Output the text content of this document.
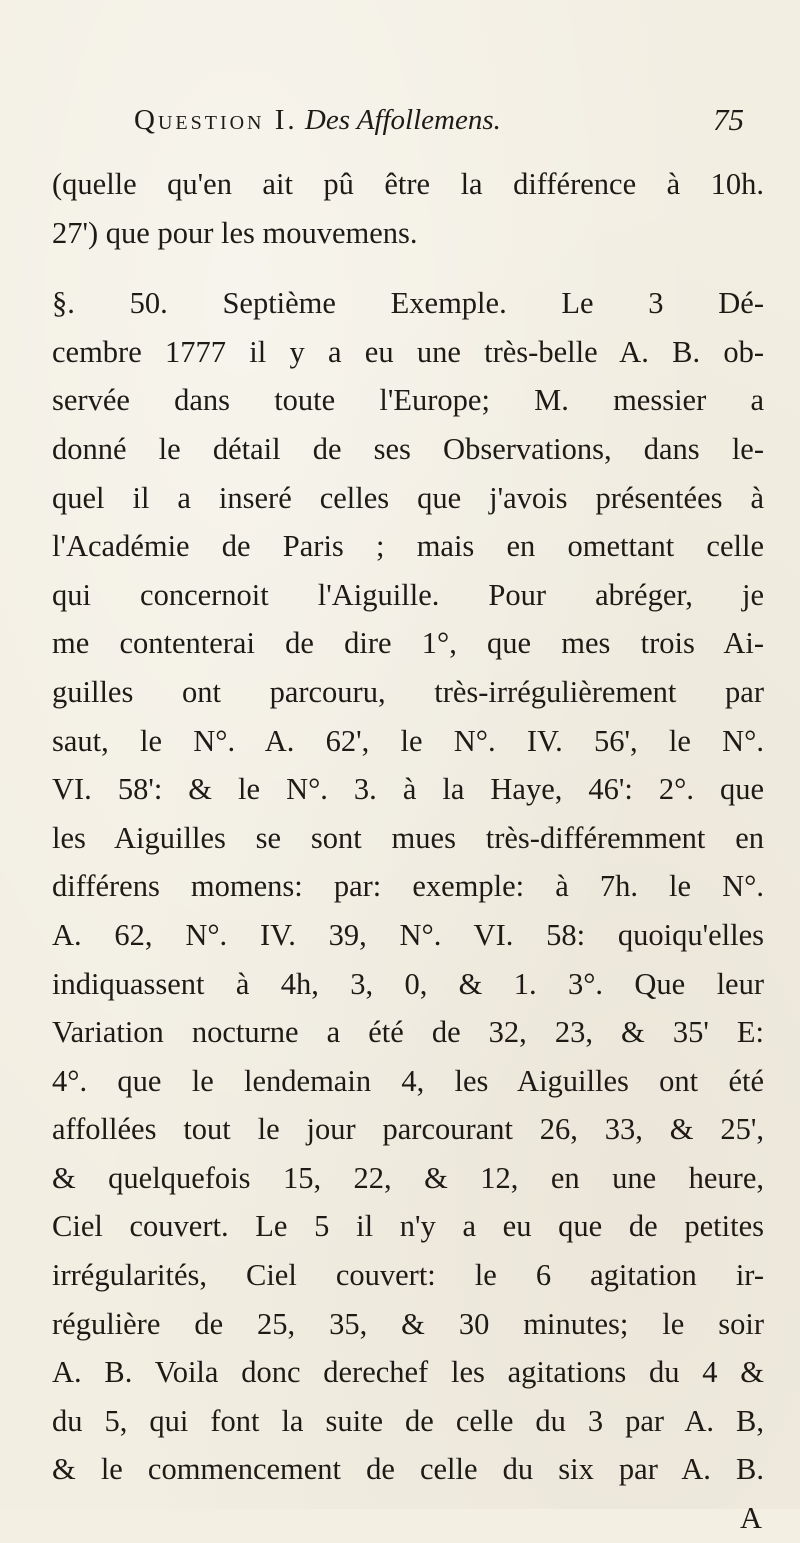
Question I. Des Affollemens.	75
(quelle qu'en ait pû être la différence à 10h.
27') que pour les mouvemens.
§. 50. Septième Exemple. Le 3 Dé-
cembre 1777 il y a eu une très-belle A. B. ob-
servée dans toute l'Europe; M. messier a
donné le détail de ses Observations, dans le-
quel il a inseré celles que j'avois présentées à
l'Académie de Paris ; mais en omettant celle
qui concernoit l'Aiguille. Pour abréger, je
me contenterai de dire 1°, que mes trois Ai-
guilles ont parcouru, très-irrégulièrement par
saut, le N°. A. 62', le N°. IV. 56', le N°.
VI. 58': & le N°. 3. à la Haye, 46': 2°. que
les Aiguilles se sont mues très-différemment en
différens momens: par: exemple: à 7h. le N°.
A. 62, N°. IV. 39, N°. VI. 58: quoiqu'elles
indiquassent à 4h, 3, 0, & 1. 3°. Que leur
Variation nocturne a été de 32, 23, & 35' E:
4°. que le lendemain 4, les Aiguilles ont été
affollées tout le jour parcourant 26, 33, & 25',
& quelquefois 15, 22, & 12, en une heure,
Ciel couvert. Le 5 il n'y a eu que de petites
irrégularités, Ciel couvert: le 6 agitation ir-
régulière de 25, 35, & 30 minutes; le soir
A. B. Voila donc derechef les agitations du 4 &
du 5, qui font la suite de celle du 3 par A. B,
& le commencement de celle du six par A. B.
A
